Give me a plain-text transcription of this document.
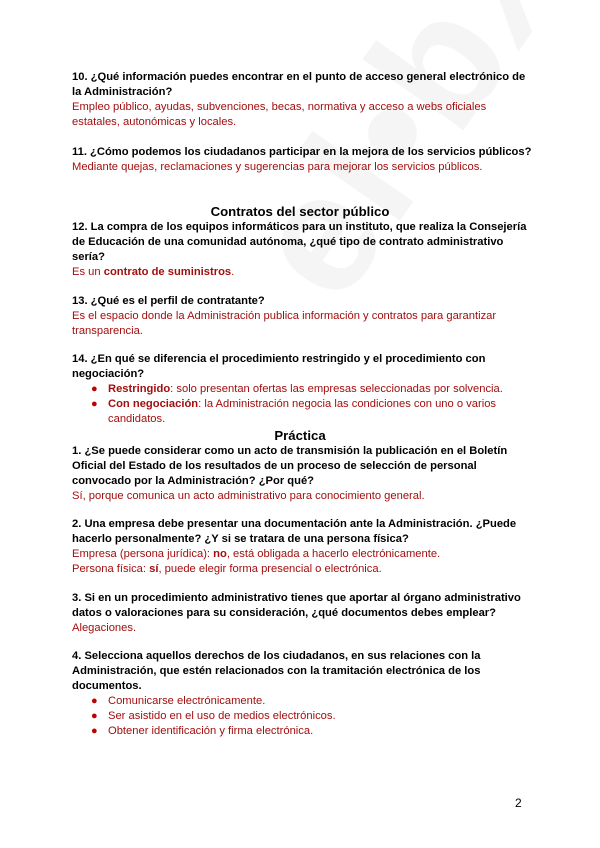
10. ¿Qué información puedes encontrar en el punto de acceso general electrónico de la Administración?

Empleo público, ayudas, subvenciones, becas, normativa y acceso a webs oficiales estatales, autonómicas y locales.

11. ¿Cómo podemos los ciudadanos participar en la mejora de los servicios públicos?

Mediante quejas, reclamaciones y sugerencias para mejorar los servicios públicos.

Contratos del sector público

12. La compra de los equipos informáticos para un instituto, que realiza la Consejería de Educación de una comunidad autónoma, ¿qué tipo de contrato administrativo sería?

Es un contrato de suministros.

13. ¿Qué es el perfil de contratante?

Es el espacio donde la Administración publica información y contratos para garantizar transparencia.

14. ¿En qué se diferencia el procedimiento restringido y el procedimiento con negociación?

● Restringido: solo presentan ofertas las empresas seleccionadas por solvencia.
● Con negociación: la Administración negocia las condiciones con uno o varios candidatos.

Práctica

1. ¿Se puede considerar como un acto de transmisión la publicación en el Boletín Oficial del Estado de los resultados de un proceso de selección de personal convocado por la Administración? ¿Por qué?

Sí, porque comunica un acto administrativo para conocimiento general.

2. Una empresa debe presentar una documentación ante la Administración. ¿Puede hacerlo personalmente? ¿Y si se tratara de una persona física?

Empresa (persona jurídica): no, está obligada a hacerlo electrónicamente.

Persona física: sí, puede elegir forma presencial o electrónica.

3. Si en un procedimiento administrativo tienes que aportar al órgano administrativo datos o valoraciones para su consideración, ¿qué documentos debes emplear?

Alegaciones.

4. Selecciona aquellos derechos de los ciudadanos, en sus relaciones con la Administración, que estén relacionados con la tramitación electrónica de los documentos.

● Comunicarse electrónicamente.
● Ser asistido en el uso de medios electrónicos.
● Obtener identificación y firma electrónica.
2
